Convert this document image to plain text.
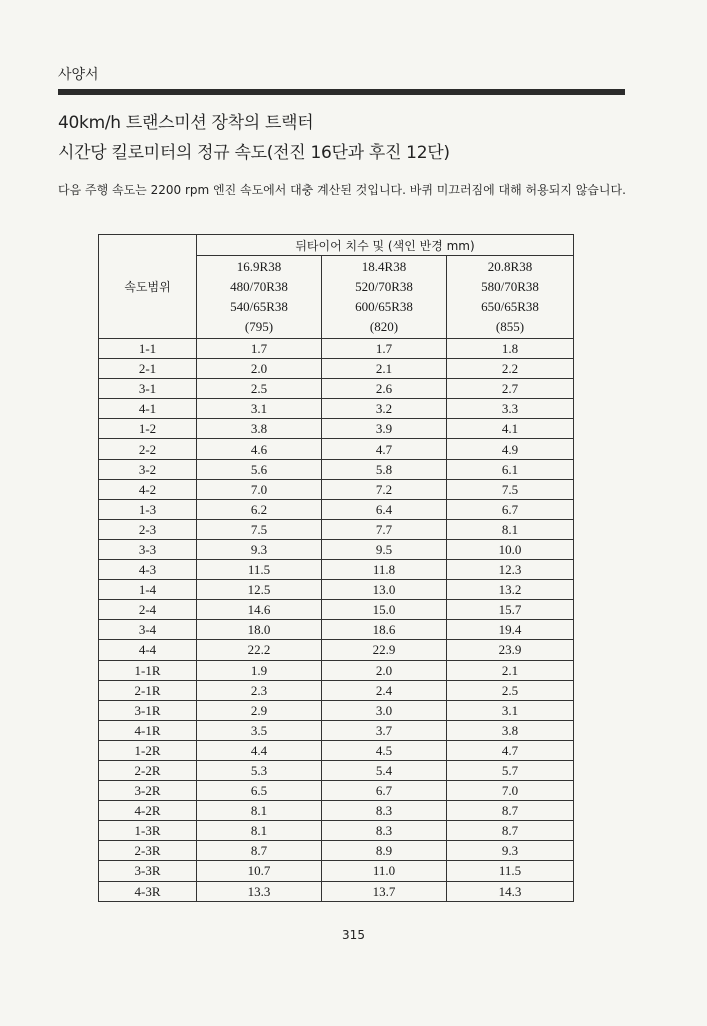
사양서
40km/h 트랜스미션 장착의 트랙터
시간당 킬로미터의 정규 속도(전진 16단과 후진 12단)
다음 주행 속도는 2200 rpm 엔진 속도에서 대충 계산된 것입니다. 바퀴 미끄러짐에 대해 허용되지 않습니다.
속도범위	뒤타이어 치수 및 (색인 반경 mm)		

	16.9R38
480/70R38
540/65R38
(795)	18.4R38
520/70R38
600/65R38
(820)	20.8R38
580/70R38
650/65R38
(855)

1-1	1.7	1.7	1.8
2-1	2.0	2.1	2.2
3-1	2.5	2.6	2.7
4-1	3.1	3.2	3.3
1-2	3.8	3.9	4.1
2-2	4.6	4.7	4.9
3-2	5.6	5.8	6.1
4-2	7.0	7.2	7.5
1-3	6.2	6.4	6.7
2-3	7.5	7.7	8.1
3-3	9.3	9.5	10.0
4-3	11.5	11.8	12.3
1-4	12.5	13.0	13.2
2-4	14.6	15.0	15.7
3-4	18.0	18.6	19.4
4-4	22.2	22.9	23.9
1-1R	1.9	2.0	2.1
2-1R	2.3	2.4	2.5
3-1R	2.9	3.0	3.1
4-1R	3.5	3.7	3.8
1-2R	4.4	4.5	4.7
2-2R	5.3	5.4	5.7
3-2R	6.5	6.7	7.0
4-2R	8.1	8.3	8.7
1-3R	8.1	8.3	8.7
2-3R	8.7	8.9	9.3
3-3R	10.7	11.0	11.5
4-3R	13.3	13.7	14.3
315
